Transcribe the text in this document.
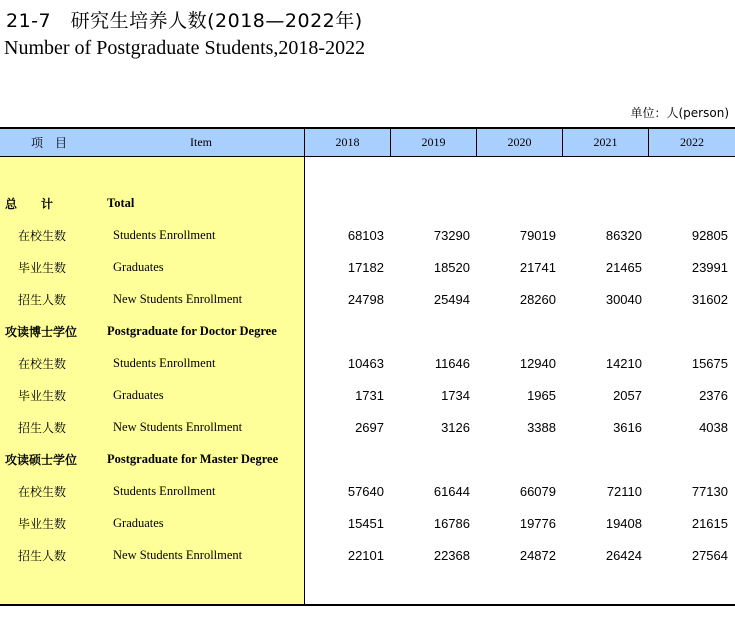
21-7　研究生培养人数(2018—2022年)
Number of Postgraduate Students,2018-2022
单位：人(person)
项　目	Item	2018	2019	2020	2021	2022
总　　计	Total
在校生数	Students Enrollment	68103	73290	79019	86320	92805
毕业生数	Graduates	17182	18520	21741	21465	23991
招生人数	New Students Enrollment	24798	25494	28260	30040	31602
攻读博士学位 Postgraduate for Doctor Degree
在校生数	Students Enrollment	10463	11646	12940	14210	15675
毕业生数	Graduates	1731	1734	1965	2057	2376
招生人数	New Students Enrollment	2697	3126	3388	3616	4038
攻读硕士学位 Postgraduate for Master Degree
在校生数	Students Enrollment	57640	61644	66079	72110	77130
毕业生数	Graduates	15451	16786	19776	19408	21615
招生人数	New Students Enrollment	22101	22368	24872	26424	27564
